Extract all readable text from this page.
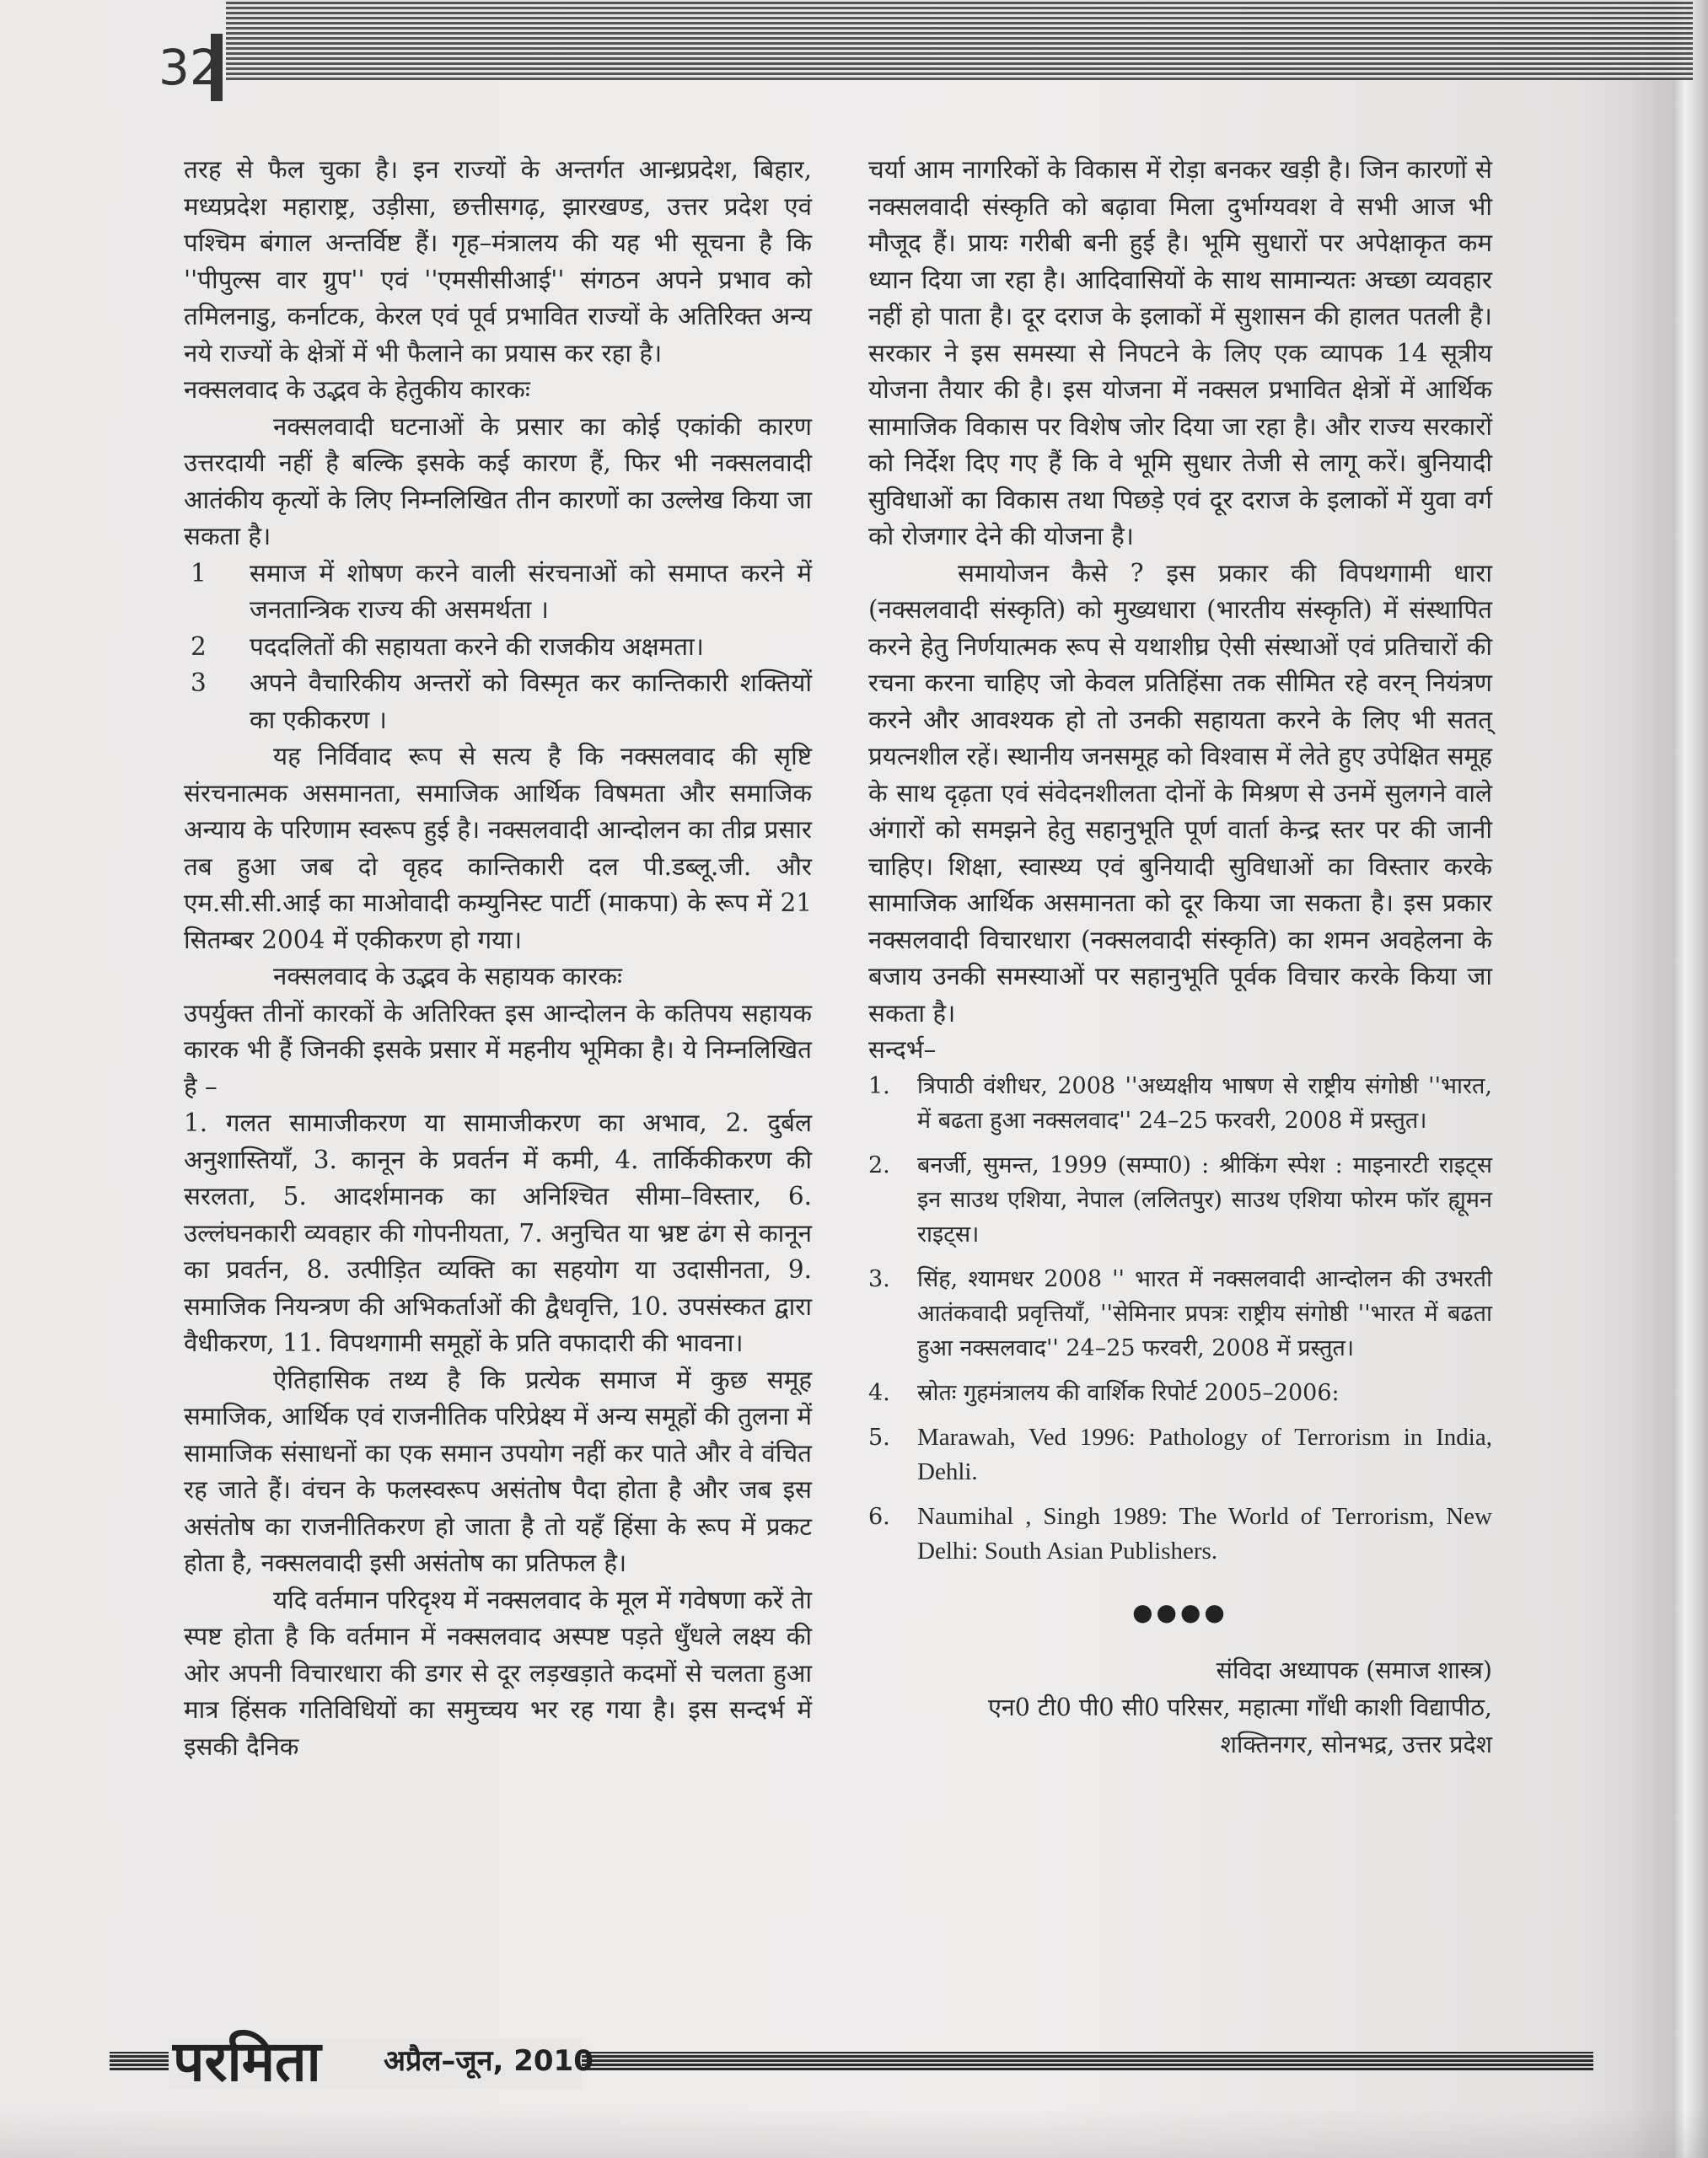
32

तरह से फैल चुका है। इन राज्यों के अन्तर्गत आन्ध्रप्रदेश, बिहार, मध्यप्रदेश महाराष्ट्र, उड़ीसा, छत्तीसगढ़, झारखण्ड, उत्तर प्रदेश एवं पश्चिम बंगाल अन्तर्विष्ट हैं। गृह–मंत्रालय की यह भी सूचना है कि ''पीपुल्स वार ग्रुप'' एवं ''एमसीसीआई'' संगठन अपने प्रभाव को तमिलनाडु, कर्नाटक, केरल एवं पूर्व प्रभावित राज्यों के अतिरिक्त अन्य नये राज्यों के क्षेत्रों में भी फैलाने का प्रयास कर रहा है।

नक्सलवाद के उद्भव के हेतुकीय कारकः

नक्सलवादी घटनाओं के प्रसार का कोई एकांकी कारण उत्तरदायी नहीं है बल्कि इसके कई कारण हैं, फिर भी नक्सलवादी आतंकीय कृत्यों के लिए निम्नलिखित तीन कारणों का उल्लेख किया जा सकता है।

1	समाज में शोषण करने वाली संरचनाओं को समाप्त करने में जनतान्त्रिक राज्य की असमर्थता ।
2	पददलितों की सहायता करने की राजकीय अक्षमता।
3	अपने वैचारिकीय अन्तरों को विस्मृत कर कान्तिकारी शक्तियों का एकीकरण ।

यह निर्विवाद रूप से सत्य है कि नक्सलवाद की सृष्टि संरचनात्मक असमानता, समाजिक आर्थिक विषमता और समाजिक अन्याय के परिणाम स्वरूप हुई है। नक्सलवादी आन्दोलन का तीव्र प्रसार तब हुआ जब दो वृहद कान्तिकारी दल पी.डब्लू.जी. और एम.सी.सी.आई का माओवादी कम्युनिस्ट पार्टी (माकपा) के रूप में 21 सितम्बर 2004 में एकीकरण हो गया।

नक्सलवाद के उद्भव के सहायक कारकः

उपर्युक्त तीनों कारकों के अतिरिक्त इस आन्दोलन के कतिपय सहायक कारक भी हैं जिनकी इसके प्रसार में महनीय भूमिका है। ये निम्नलिखित है –

1. गलत सामाजीकरण या सामाजीकरण का अभाव, 2. दुर्बल अनुशास्तियाँ, 3. कानून के प्रवर्तन में कमी, 4. तार्किकीकरण की सरलता, 5. आदर्शमानक का अनिश्चित सीमा–विस्तार, 6. उल्लंघनकारी व्यवहार की गोपनीयता, 7. अनुचित या भ्रष्ट ढंग से कानून का प्रवर्तन, 8. उत्पीड़ित व्यक्ति का सहयोग या उदासीनता, 9. समाजिक नियन्त्रण की अभिकर्ताओं की द्वैधवृत्ति, 10. उपसंस्कत द्वारा वैधीकरण, 11. विपथगामी समूहों के प्रति वफादारी की भावना।

ऐतिहासिक तथ्य है कि प्रत्येक समाज में कुछ समूह समाजिक, आर्थिक एवं राजनीतिक परिप्रेक्ष्य में अन्य समूहों की तुलना में सामाजिक संसाधनों का एक समान उपयोग नहीं कर पाते और वे वंचित रह जाते हैं। वंचन के फलस्वरूप असंतोष पैदा होता है और जब इस असंतोष का राजनीतिकरण हो जाता है तो यहँ हिंसा के रूप में प्रकट होता है, नक्सलवादी इसी असंतोष का प्रतिफल है।

यदि वर्तमान परिदृश्य में नक्सलवाद के मूल में गवेषणा करें तेा स्पष्ट होता है कि वर्तमान में नक्सलवाद अस्पष्ट पड़ते धुँधले लक्ष्य की ओर अपनी विचारधारा की डगर से दूर लड़खड़ाते कदमों से चलता हुआ मात्र हिंसक गतिविधियों का समुच्चय भर रह गया है। इस सन्दर्भ में इसकी दैनिक

चर्या आम नागरिकों के विकास में रोड़ा बनकर खड़ी है। जिन कारणों से नक्सलवादी संस्कृति को बढ़ावा मिला दुर्भाग्यवश वे सभी आज भी मौजूद हैं। प्रायः गरीबी बनी हुई है। भूमि सुधारों पर अपेक्षाकृत कम ध्यान दिया जा रहा है। आदिवासियों के साथ सामान्यतः अच्छा व्यवहार नहीं हो पाता है। दूर दराज के इलाकों में सुशासन की हालत पतली है। सरकार ने इस समस्या से निपटने के लिए एक व्यापक 14 सूत्रीय योजना तैयार की है। इस योजना में नक्सल प्रभावित क्षेत्रों में आर्थिक सामाजिक विकास पर विशेष जोर दिया जा रहा है। और राज्य सरकारों को निर्देश दिए गए हैं कि वे भूमि सुधार तेजी से लागू करें। बुनियादी सुविधाओं का विकास तथा पिछड़े एवं दूर दराज के इलाकों में युवा वर्ग को रोजगार देने की योजना है।

समायोजन कैसे ? इस प्रकार की विपथगामी धारा (नक्सलवादी संस्कृति) को मुख्यधारा (भारतीय संस्कृति) में संस्थापित करने हेतु निर्णयात्मक रूप से यथाशीघ्र ऐसी संस्थाओं एवं प्रतिचारों की रचना करना चाहिए जो केवल प्रतिहिंसा तक सीमित रहे वरन् नियंत्रण करने और आवश्यक हो तो उनकी सहायता करने के लिए भी सतत् प्रयत्नशील रहें। स्थानीय जनसमूह को विश्वास में लेते हुए उपेक्षित समूह के साथ दृढ़ता एवं संवेदनशीलता दोनों के मिश्रण से उनमें सुलगने वाले अंगारों को समझने हेतु सहानुभूति पूर्ण वार्ता केन्द्र स्तर पर की जानी चाहिए। शिक्षा, स्वास्थ्य एवं बुनियादी सुविधाओं का विस्तार करके सामाजिक आर्थिक असमानता को दूर किया जा सकता है। इस प्रकार नक्सलवादी विचारधारा (नक्सलवादी संस्कृति) का शमन अवहेलना के बजाय उनकी समस्याओं पर सहानुभूति पूर्वक विचार करके किया जा सकता है।

सन्दर्भ–

1.	त्रिपाठी वंशीधर, 2008 ''अध्यक्षीय भाषण से राष्ट्रीय संगोष्ठी ''भारत, में बढता हुआ नक्सलवाद'' 24–25 फरवरी, 2008 में प्रस्तुत।
2.	बनर्जी, सुमन्त, 1999 (सम्पा0) : श्रीकिंग स्पेश : माइनारटी राइट्स इन साउथ एशिया, नेपाल (ललितपुर) साउथ एशिया फोरम फॉर ह्यूमन राइट्स।
3.	सिंह, श्यामधर 2008 '' भारत में नक्सलवादी आन्दोलन की उभरती आतंकवादी प्रवृत्तियाँ, ''सेमिनार प्रपत्रः राष्ट्रीय संगोष्ठी ''भारत में बढता हुआ नक्सलवाद'' 24–25 फरवरी, 2008 में प्रस्तुत।
4.	स्रोतः गुहमंत्रालय की वार्शिक रिपोर्ट 2005–2006:
5.	Marawah, Ved 1996: Pathology of Terrorism in India, Dehli.
6.	Naumihal , Singh 1989: The World of Terrorism, New Delhi: South Asian Publishers.
●●●●
संविदा अध्यापक (समाज शास्त्र)
एन0 टी0 पी0 सी0 परिसर, महात्मा गाँधी काशी विद्यापीठ,
शक्तिनगर, सोनभद्र, उत्तर प्रदेश
परमिता अप्रैल–जून, 2010
